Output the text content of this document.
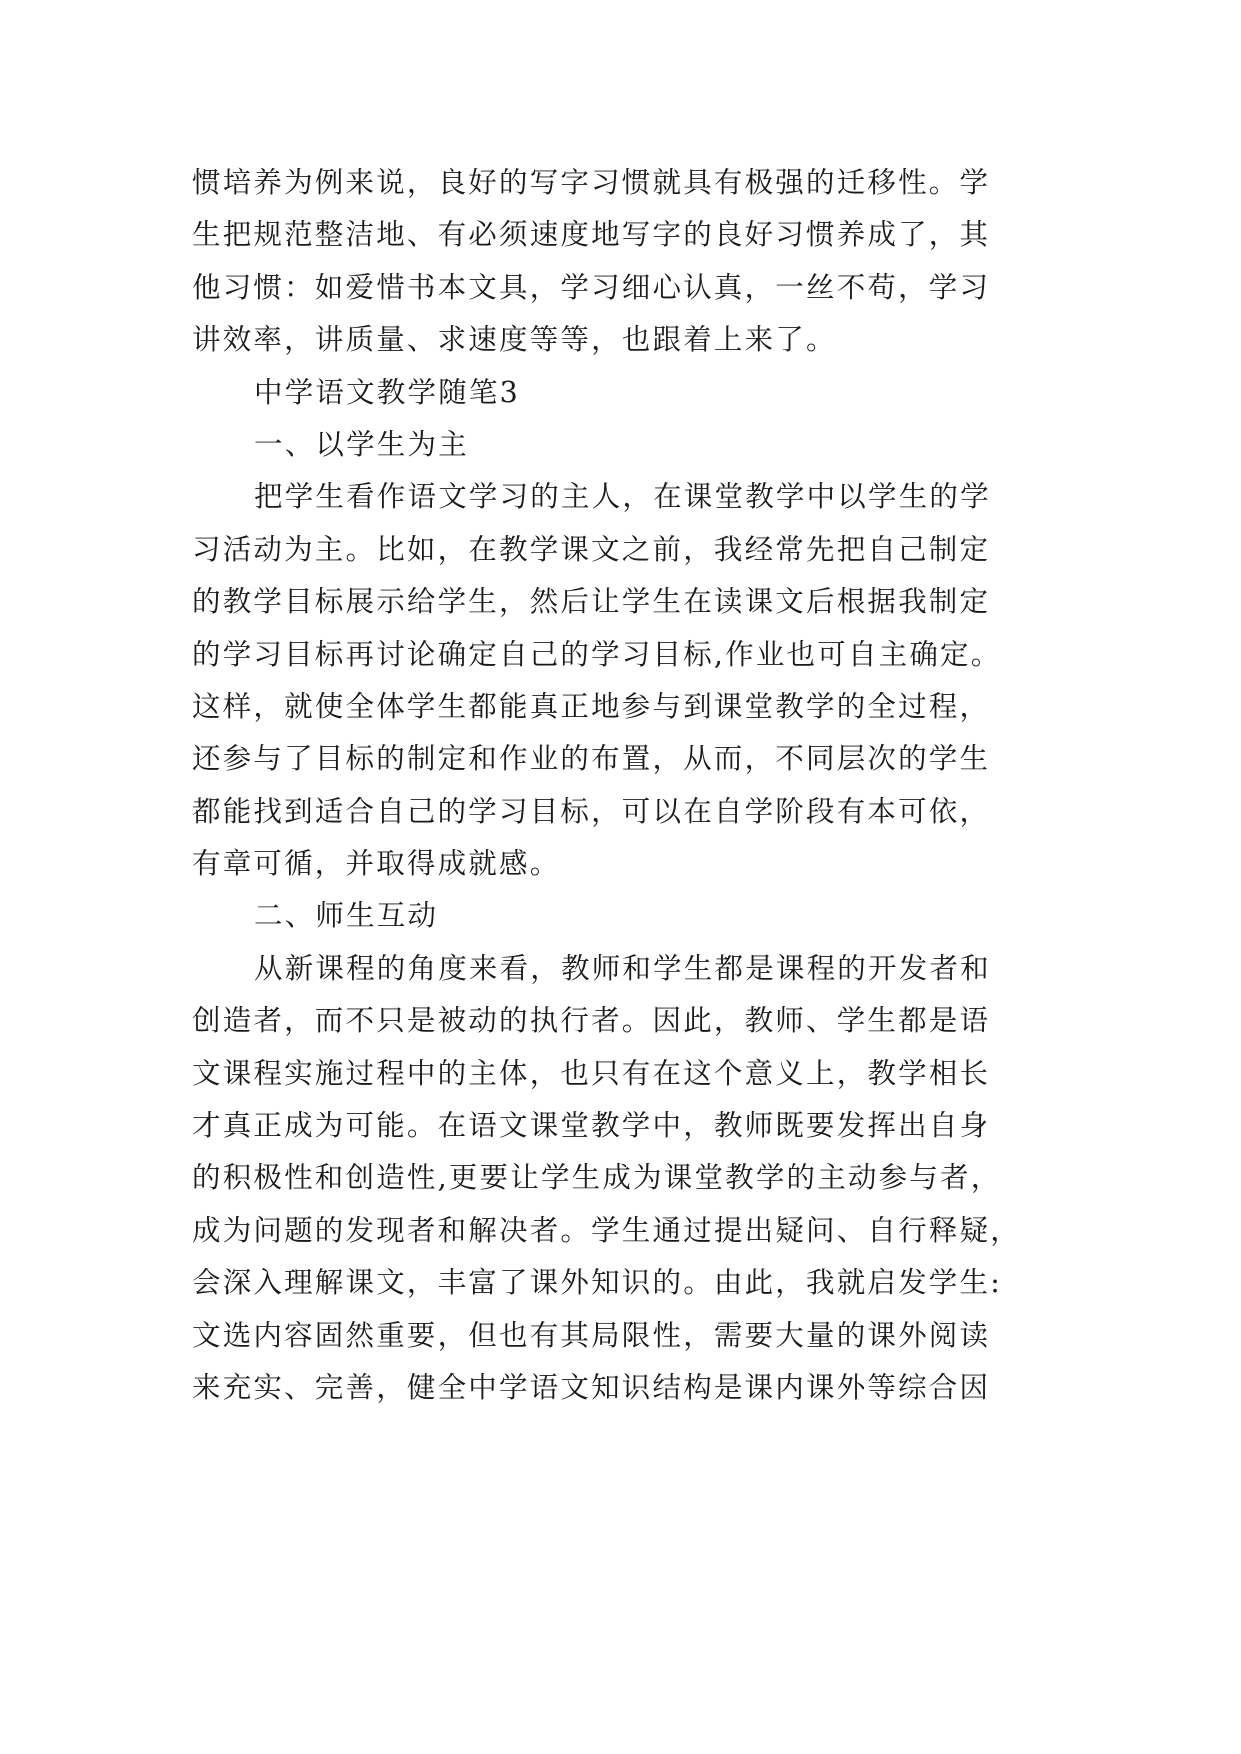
惯培养为例来说，良好的写字习惯就具有极强的迁移性。学
生把规范整洁地、有必须速度地写字的良好习惯养成了，其
他习惯：如爱惜书本文具，学习细心认真，一丝不苟，学习
讲效率，讲质量、求速度等等，也跟着上来了。
中学语文教学随笔3
一、以学生为主
把学生看作语文学习的主人，在课堂教学中以学生的学
习活动为主。比如，在教学课文之前，我经常先把自己制定
的教学目标展示给学生，然后让学生在读课文后根据我制定
的学习目标再讨论确定自己的学习目标,作业也可自主确定。
这样，就使全体学生都能真正地参与到课堂教学的全过程，
还参与了目标的制定和作业的布置，从而，不同层次的学生
都能找到适合自己的学习目标，可以在自学阶段有本可依，
有章可循，并取得成就感。
二、师生互动
从新课程的角度来看，教师和学生都是课程的开发者和
创造者，而不只是被动的执行者。因此，教师、学生都是语
文课程实施过程中的主体，也只有在这个意义上，教学相长
才真正成为可能。在语文课堂教学中，教师既要发挥出自身
的积极性和创造性,更要让学生成为课堂教学的主动参与者，
成为问题的发现者和解决者。学生通过提出疑问、自行释疑，
会深入理解课文，丰富了课外知识的。由此，我就启发学生:
文选内容固然重要，但也有其局限性，需要大量的课外阅读
来充实、完善，健全中学语文知识结构是课内课外等综合因
